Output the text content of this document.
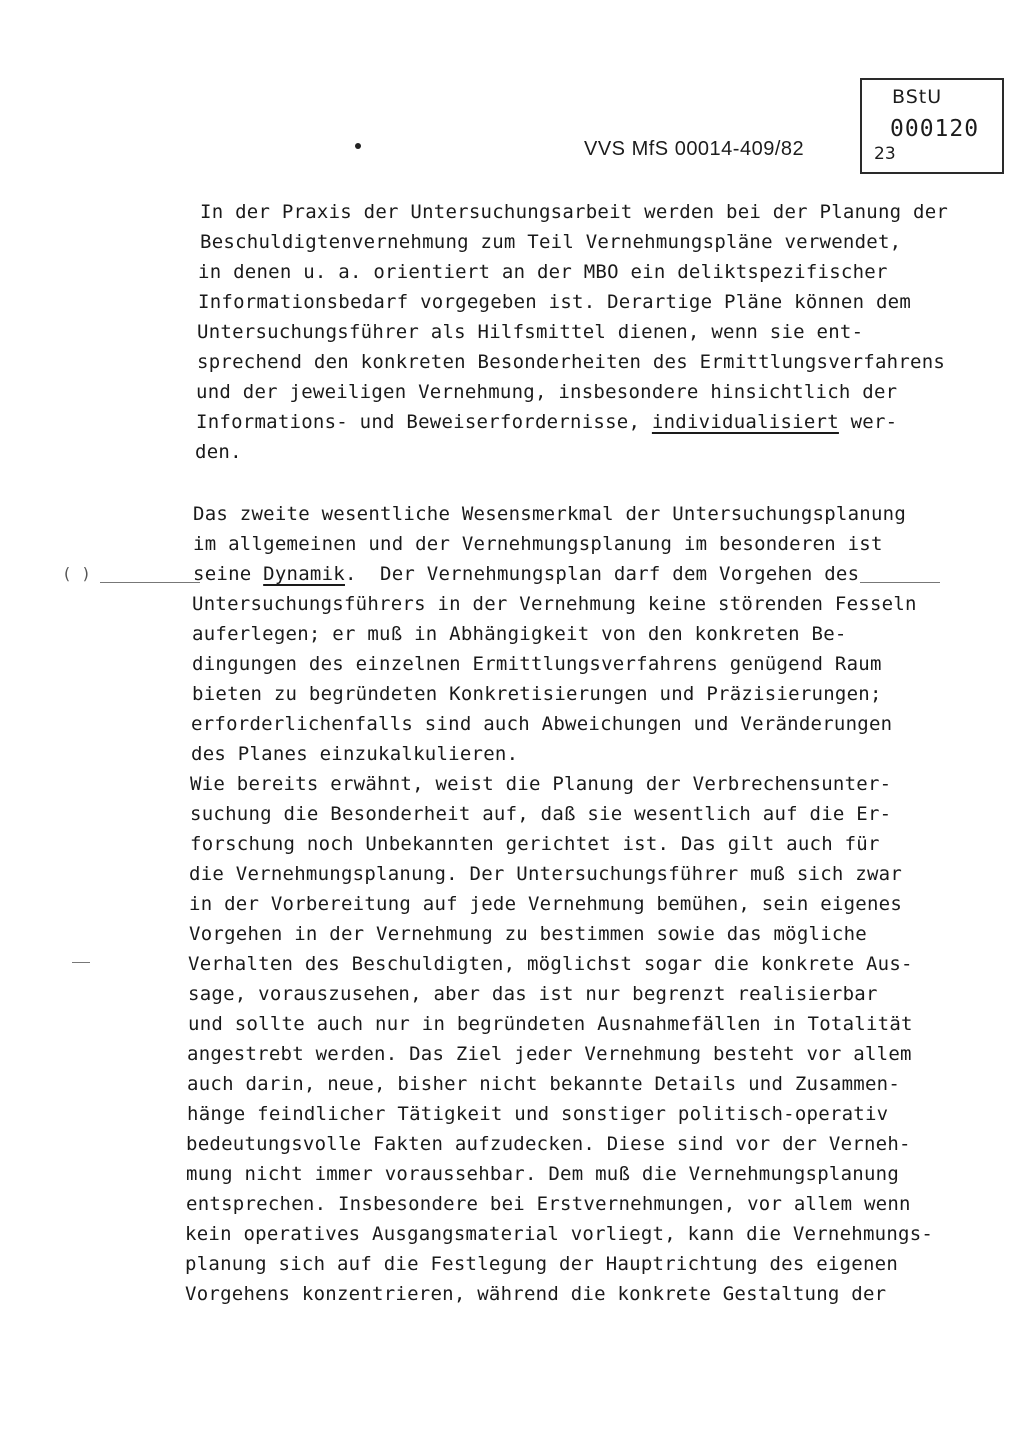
BStU
000120
23
VVS MfS 00014-409/82
( )
In der Praxis der Untersuchungsarbeit werden bei der Planung der
Beschuldigtenvernehmung zum Teil Vernehmungspläne verwendet,
in denen u. a. orientiert an der MBO ein deliktspezifischer
Informationsbedarf vorgegeben ist. Derartige Pläne können dem
Untersuchungsführer als Hilfsmittel dienen, wenn sie ent-
sprechend den konkreten Besonderheiten des Ermittlungsverfahrens
und der jeweiligen Vernehmung, insbesondere hinsichtlich der
Informations- und Beweiserfordernisse, individualisiert wer-
den.
Das zweite wesentliche Wesensmerkmal der Untersuchungsplanung
im allgemeinen und der Vernehmungsplanung im besonderen ist
seine Dynamik.  Der Vernehmungsplan darf dem Vorgehen des
Untersuchungsführers in der Vernehmung keine störenden Fesseln
auferlegen; er muß in Abhängigkeit von den konkreten Be-
dingungen des einzelnen Ermittlungsverfahrens genügend Raum
bieten zu begründeten Konkretisierungen und Präzisierungen;
erforderlichenfalls sind auch Abweichungen und Veränderungen
des Planes einzukalkulieren.
Wie bereits erwähnt, weist die Planung der Verbrechensunter-
suchung die Besonderheit auf, daß sie wesentlich auf die Er-
forschung noch Unbekannten gerichtet ist. Das gilt auch für
die Vernehmungsplanung. Der Untersuchungsführer muß sich zwar
in der Vorbereitung auf jede Vernehmung bemühen, sein eigenes
Vorgehen in der Vernehmung zu bestimmen sowie das mögliche
Verhalten des Beschuldigten, möglichst sogar die konkrete Aus-
sage, vorauszusehen, aber das ist nur begrenzt realisierbar
und sollte auch nur in begründeten Ausnahmefällen in Totalität
angestrebt werden. Das Ziel jeder Vernehmung besteht vor allem
auch darin, neue, bisher nicht bekannte Details und Zusammen-
hänge feindlicher Tätigkeit und sonstiger politisch-operativ
bedeutungsvolle Fakten aufzudecken. Diese sind vor der Verneh-
mung nicht immer voraussehbar. Dem muß die Vernehmungsplanung
entsprechen. Insbesondere bei Erstvernehmungen, vor allem wenn
kein operatives Ausgangsmaterial vorliegt, kann die Vernehmungs-
planung sich auf die Festlegung der Hauptrichtung des eigenen
Vorgehens konzentrieren, während die konkrete Gestaltung der
